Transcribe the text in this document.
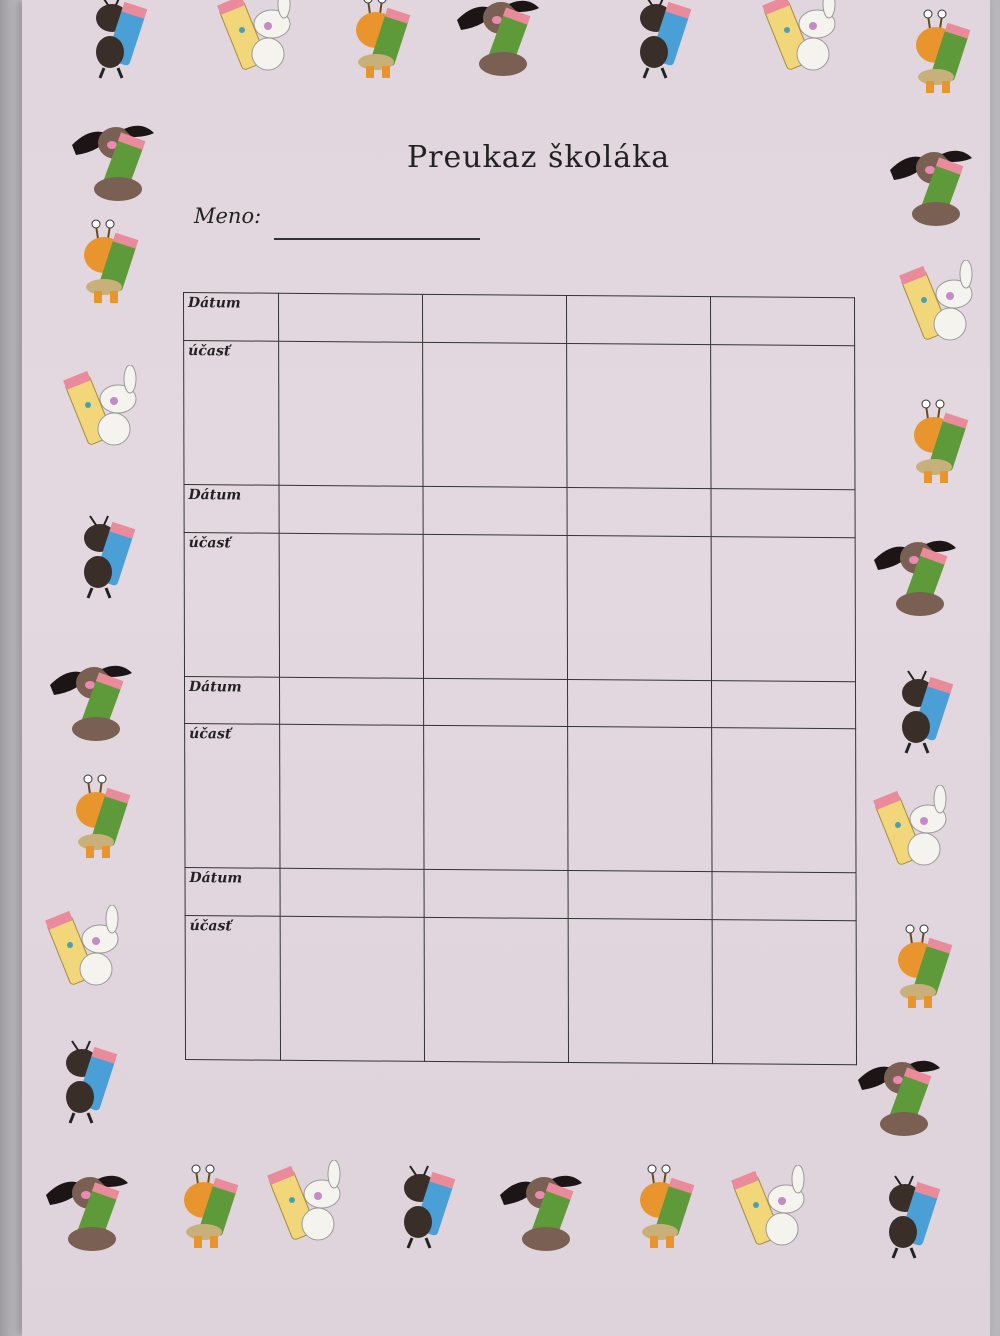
Preukaz školáka
Meno:
Dátum				
účasť				
Dátum				
účasť				
Dátum				
účasť				
Dátum				
účasť				
